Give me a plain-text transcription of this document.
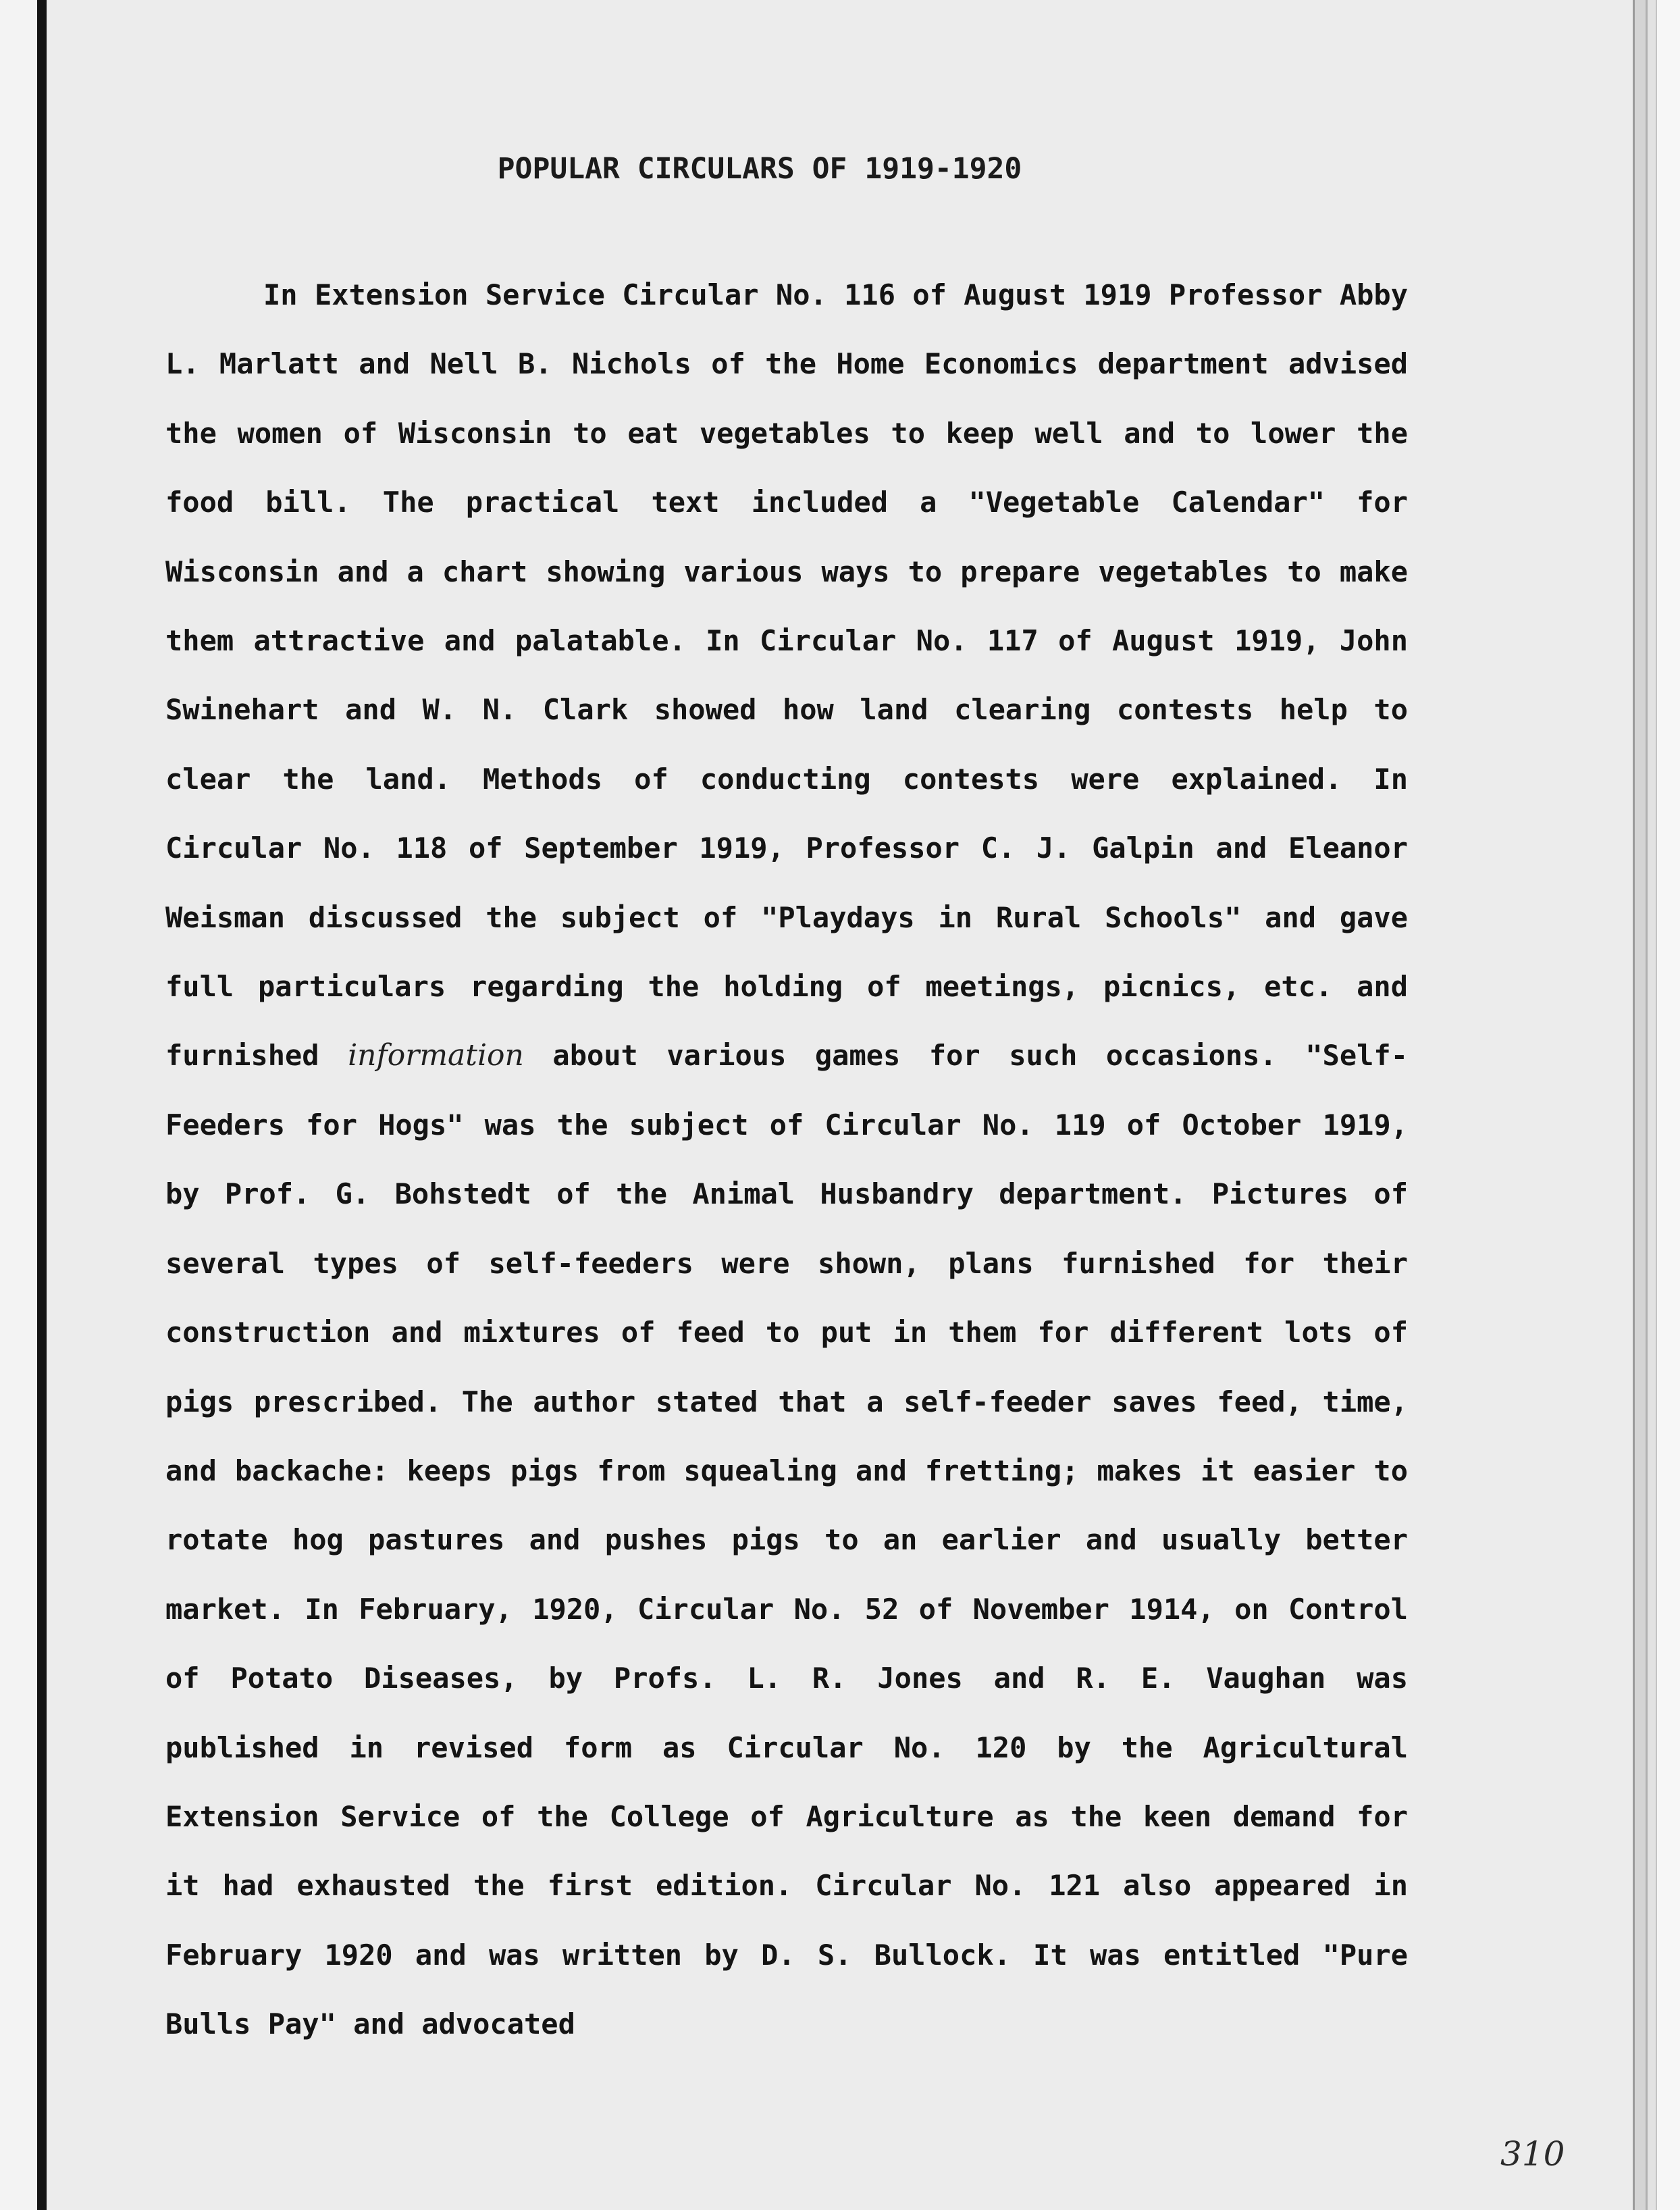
POPULAR CIRCULARS OF 1919-1920

In Extension Service Circular No. 116 of August 1919 Professor Abby L. Marlatt and Nell B. Nichols of the Home Economics department advised the women of Wisconsin to eat vegetables to keep well and to lower the food bill. The practical text included a "Vegetable Calendar" for Wisconsin and a chart showing various ways to prepare vegetables to make them attractive and palatable. In Circular No. 117 of August 1919, John Swinehart and W. N. Clark showed how land clearing contests help to clear the land. Methods of conducting contests were explained. In Circular No. 118 of September 1919, Professor C. J. Galpin and Eleanor Weisman discussed the subject of "Playdays in Rural Schools" and gave full particulars regarding the holding of meetings, picnics, etc. and furnished information about various games for such occasions. "Self-Feeders for Hogs" was the subject of Circular No. 119 of October 1919, by Prof. G. Bohstedt of the Animal Husbandry department. Pictures of several types of self-feeders were shown, plans furnished for their construction and mixtures of feed to put in them for different lots of pigs prescribed. The author stated that a self-feeder saves feed, time, and backache: keeps pigs from squealing and fretting; makes it easier to rotate hog pastures and pushes pigs to an earlier and usually better market. In February, 1920, Circular No. 52 of November 1914, on Control of Potato Diseases, by Profs. L. R. Jones and R. E. Vaughan was published in revised form as Circular No. 120 by the Agricultural Extension Service of the College of Agriculture as the keen demand for it had exhausted the first edition. Circular No. 121 also appeared in February 1920 and was written by D. S. Bullock. It was entitled "Pure Bulls Pay" and advocated

310
